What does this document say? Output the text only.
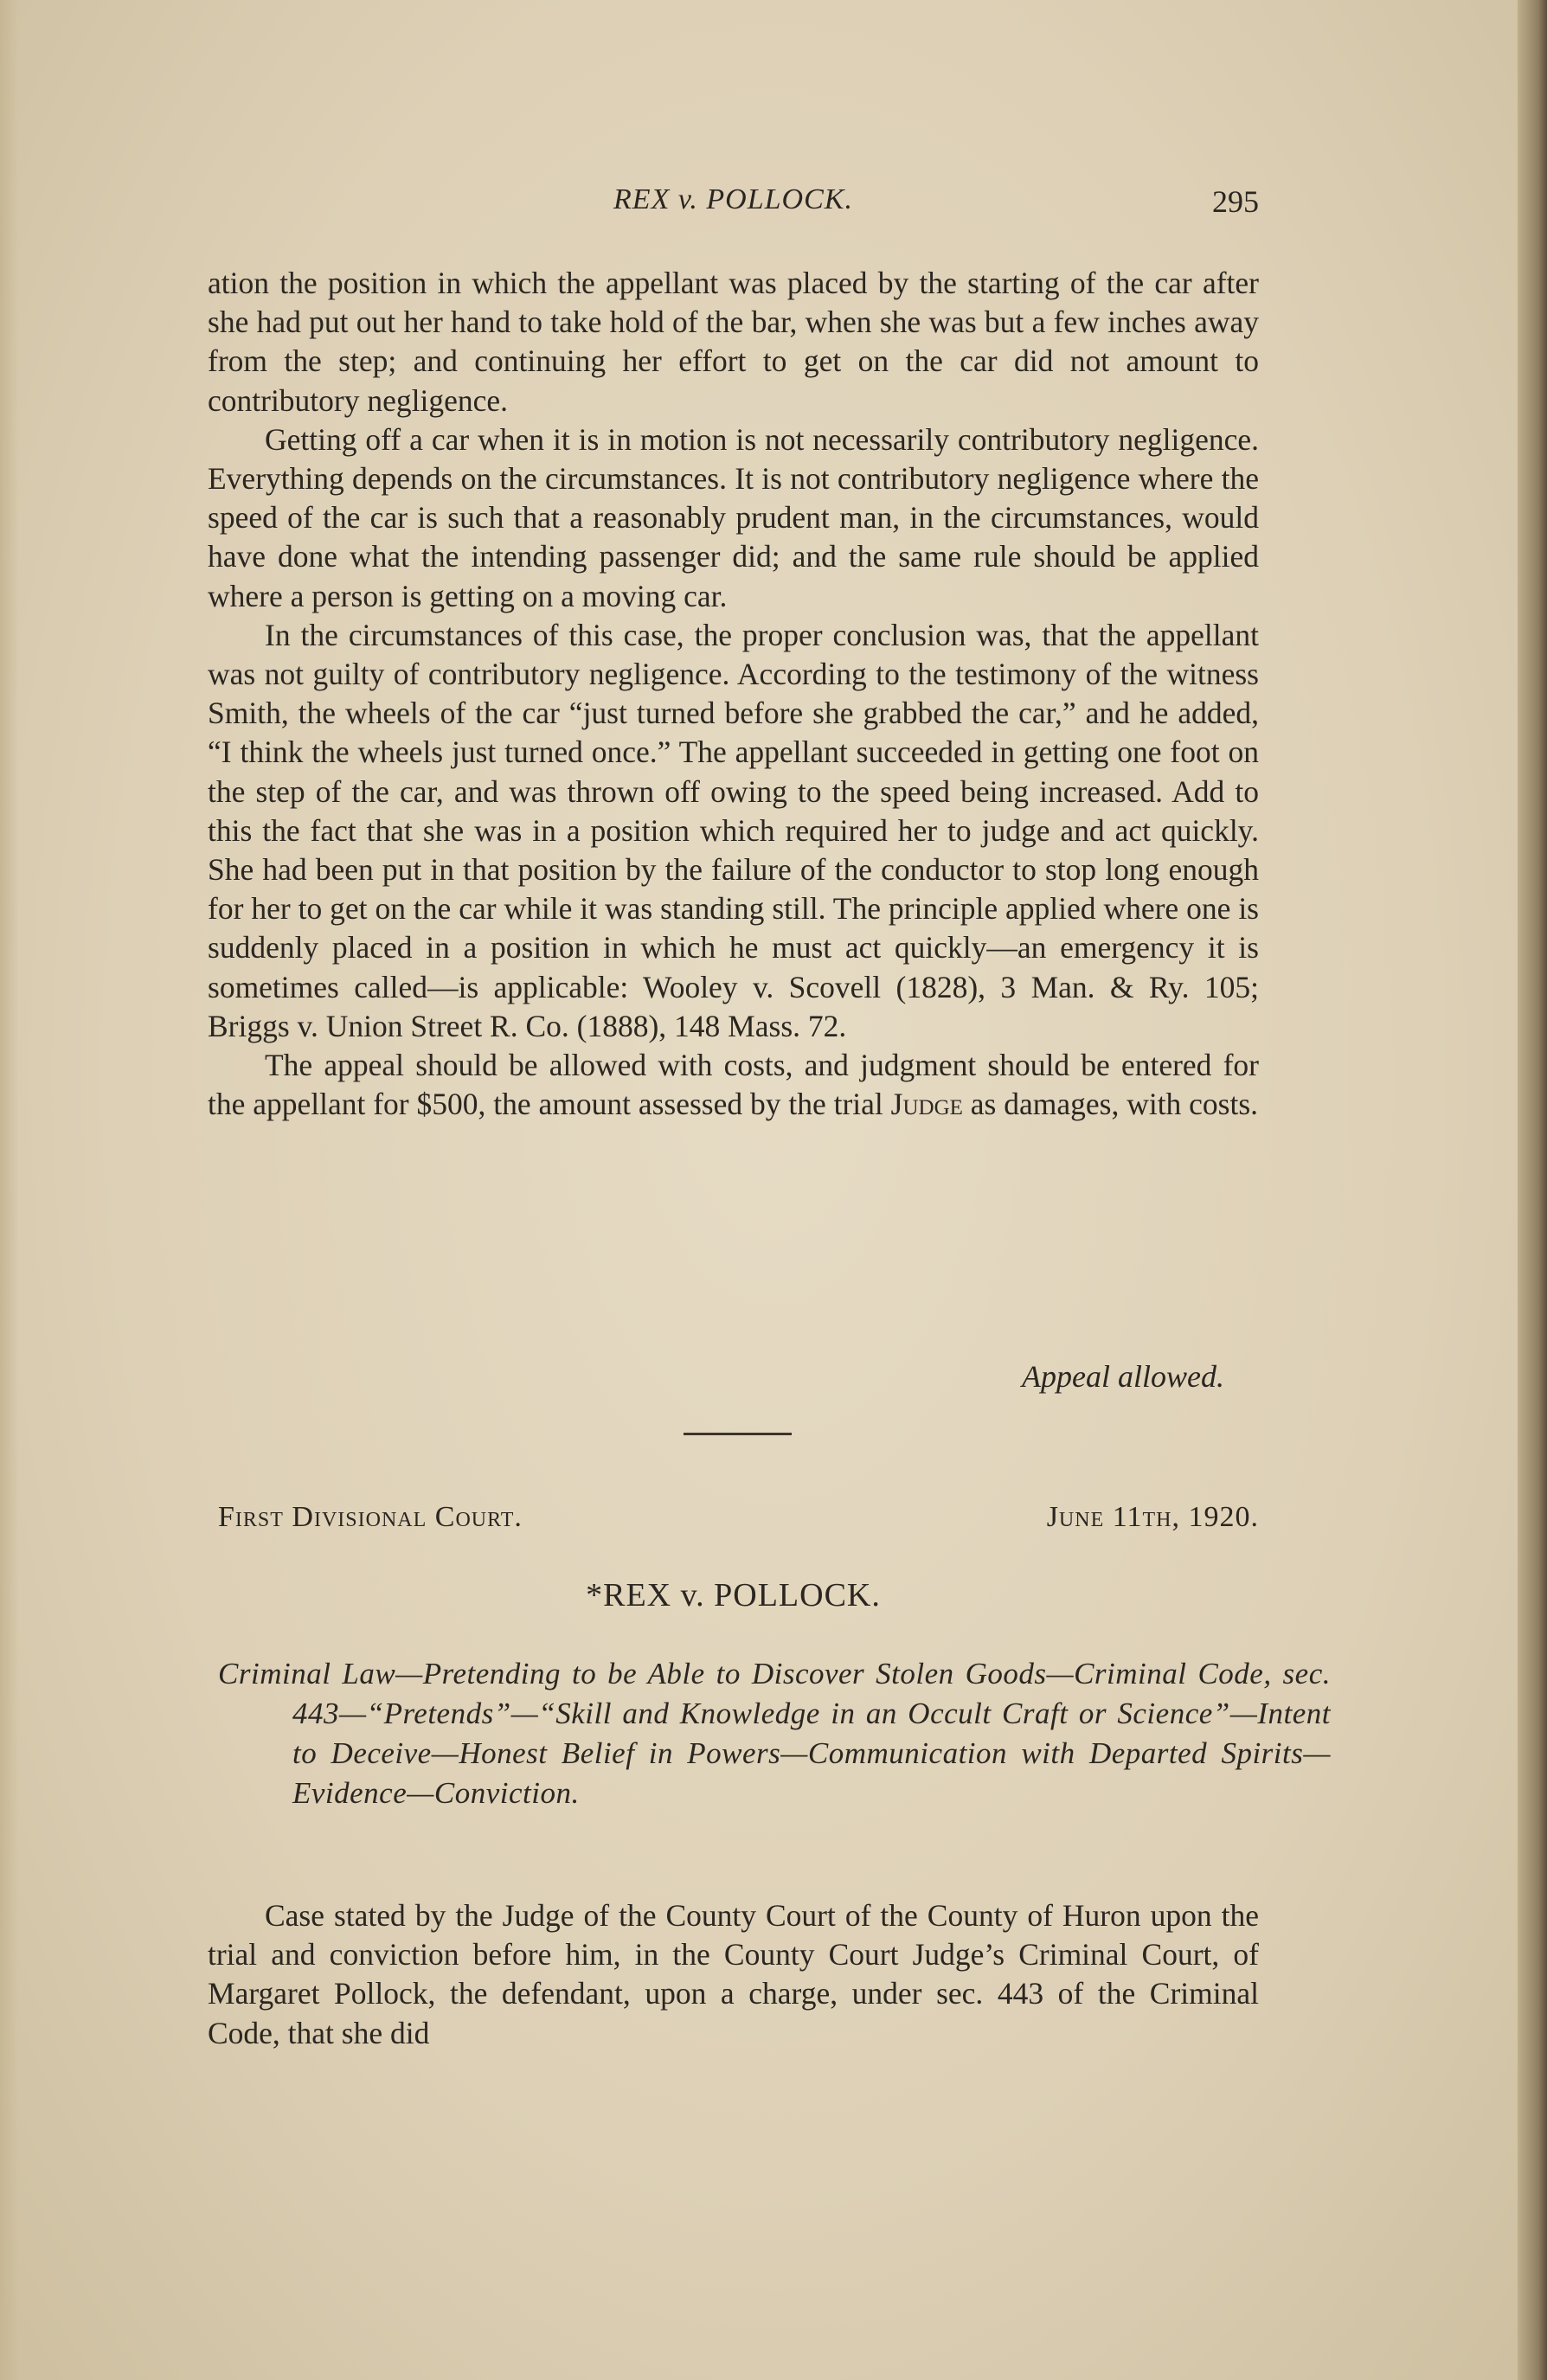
REX v. POLLOCK.	295

ation the position in which the appellant was placed by the starting of the car after she had put out her hand to take hold of the bar, when she was but a few inches away from the step; and continuing her effort to get on the car did not amount to contributory negligence.

Getting off a car when it is in motion is not necessarily contributory negligence. Everything depends on the circumstances. It is not contributory negligence where the speed of the car is such that a reasonably prudent man, in the circumstances, would have done what the intending passenger did; and the same rule should be applied where a person is getting on a moving car.

In the circumstances of this case, the proper conclusion was, that the appellant was not guilty of contributory negligence. According to the testimony of the witness Smith, the wheels of the car “just turned before she grabbed the car,” and he added, “I think the wheels just turned once.” The appellant succeeded in getting one foot on the step of the car, and was thrown off owing to the speed being increased. Add to this the fact that she was in a position which required her to judge and act quickly. She had been put in that position by the failure of the conductor to stop long enough for her to get on the car while it was standing still. The principle applied where one is suddenly placed in a position in which he must act quickly—an emergency it is sometimes called—is applicable: Wooley v. Scovell (1828), 3 Man. & Ry. 105; Briggs v. Union Street R. Co. (1888), 148 Mass. 72.

The appeal should be allowed with costs, and judgment should be entered for the appellant for $500, the amount assessed by the trial Judge as damages, with costs.

Appeal allowed.
First Divisional Court.	June 11th, 1920.
*REX v. POLLOCK.
Criminal Law—Pretending to be Able to Discover Stolen Goods—Criminal Code, sec. 443—“Pretends”—“Skill and Knowledge in an Occult Craft or Science”—Intent to Deceive—Honest Belief in Powers—Communication with Departed Spirits—Evidence—Conviction.

Case stated by the Judge of the County Court of the County of Huron upon the trial and conviction before him, in the County Court Judge’s Criminal Court, of Margaret Pollock, the defendant, upon a charge, under sec. 443 of the Criminal Code, that she did
